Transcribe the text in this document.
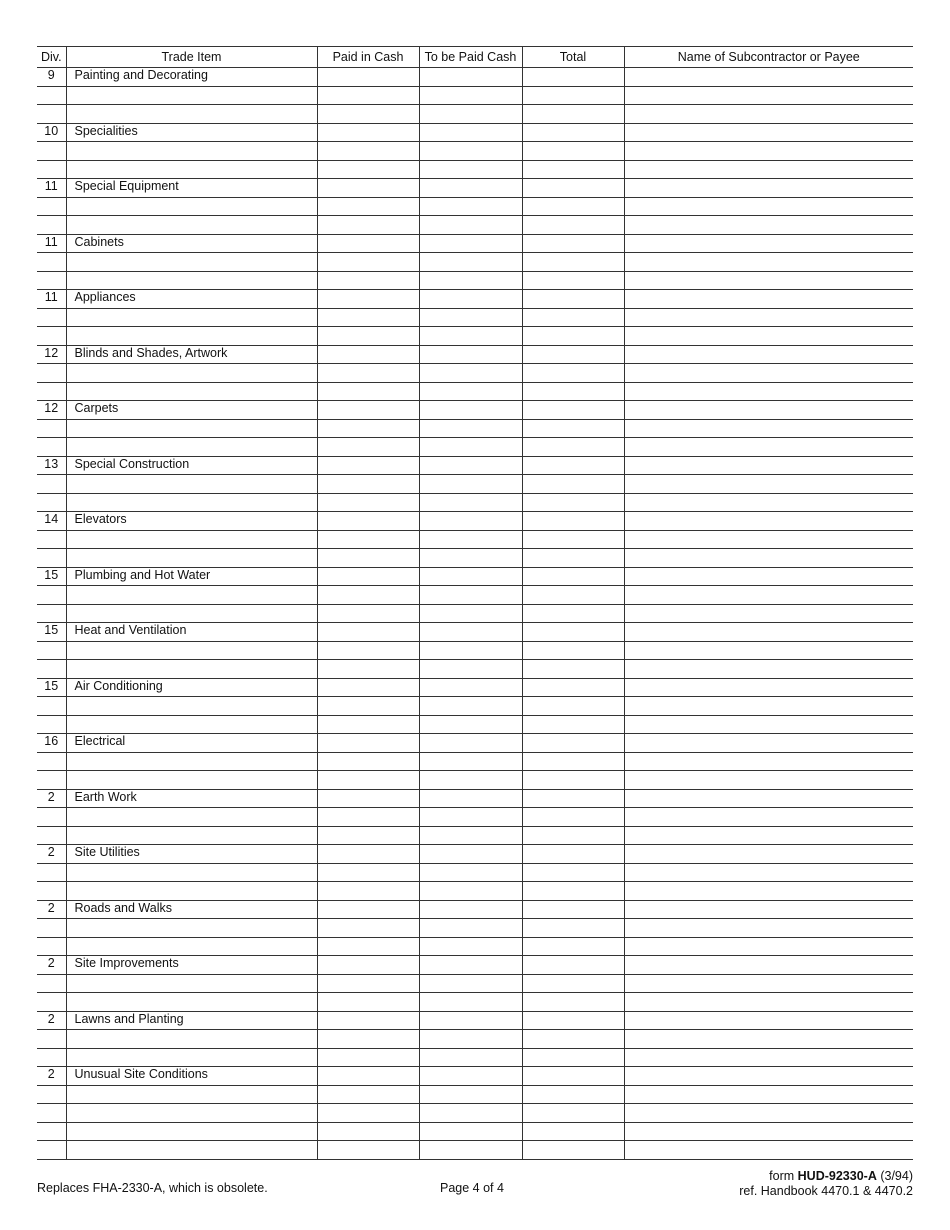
Div.	Trade Item	Paid in Cash	To be Paid Cash	Total	Name of Subcontractor or Payee
9	Painting and Decorating				

10	Specialities				

11	Special Equipment				

11	Cabinets				

11	Appliances				

12	Blinds and Shades, Artwork				

12	Carpets				

13	Special Construction				

14	Elevators				

15	Plumbing and Hot Water				

15	Heat and Ventilation				

15	Air Conditioning				

16	Electrical				

2	Earth Work				

2	Site Utilities				

2	Roads and Walks				

2	Site Improvements				

2	Lawns and Planting				

2	Unusual Site Conditions				

Replaces FHA-2330-A, which is obsolete.	Page 4 of 4
form HUD-92330-A (3/94)
ref. Handbook 4470.1 & 4470.2
